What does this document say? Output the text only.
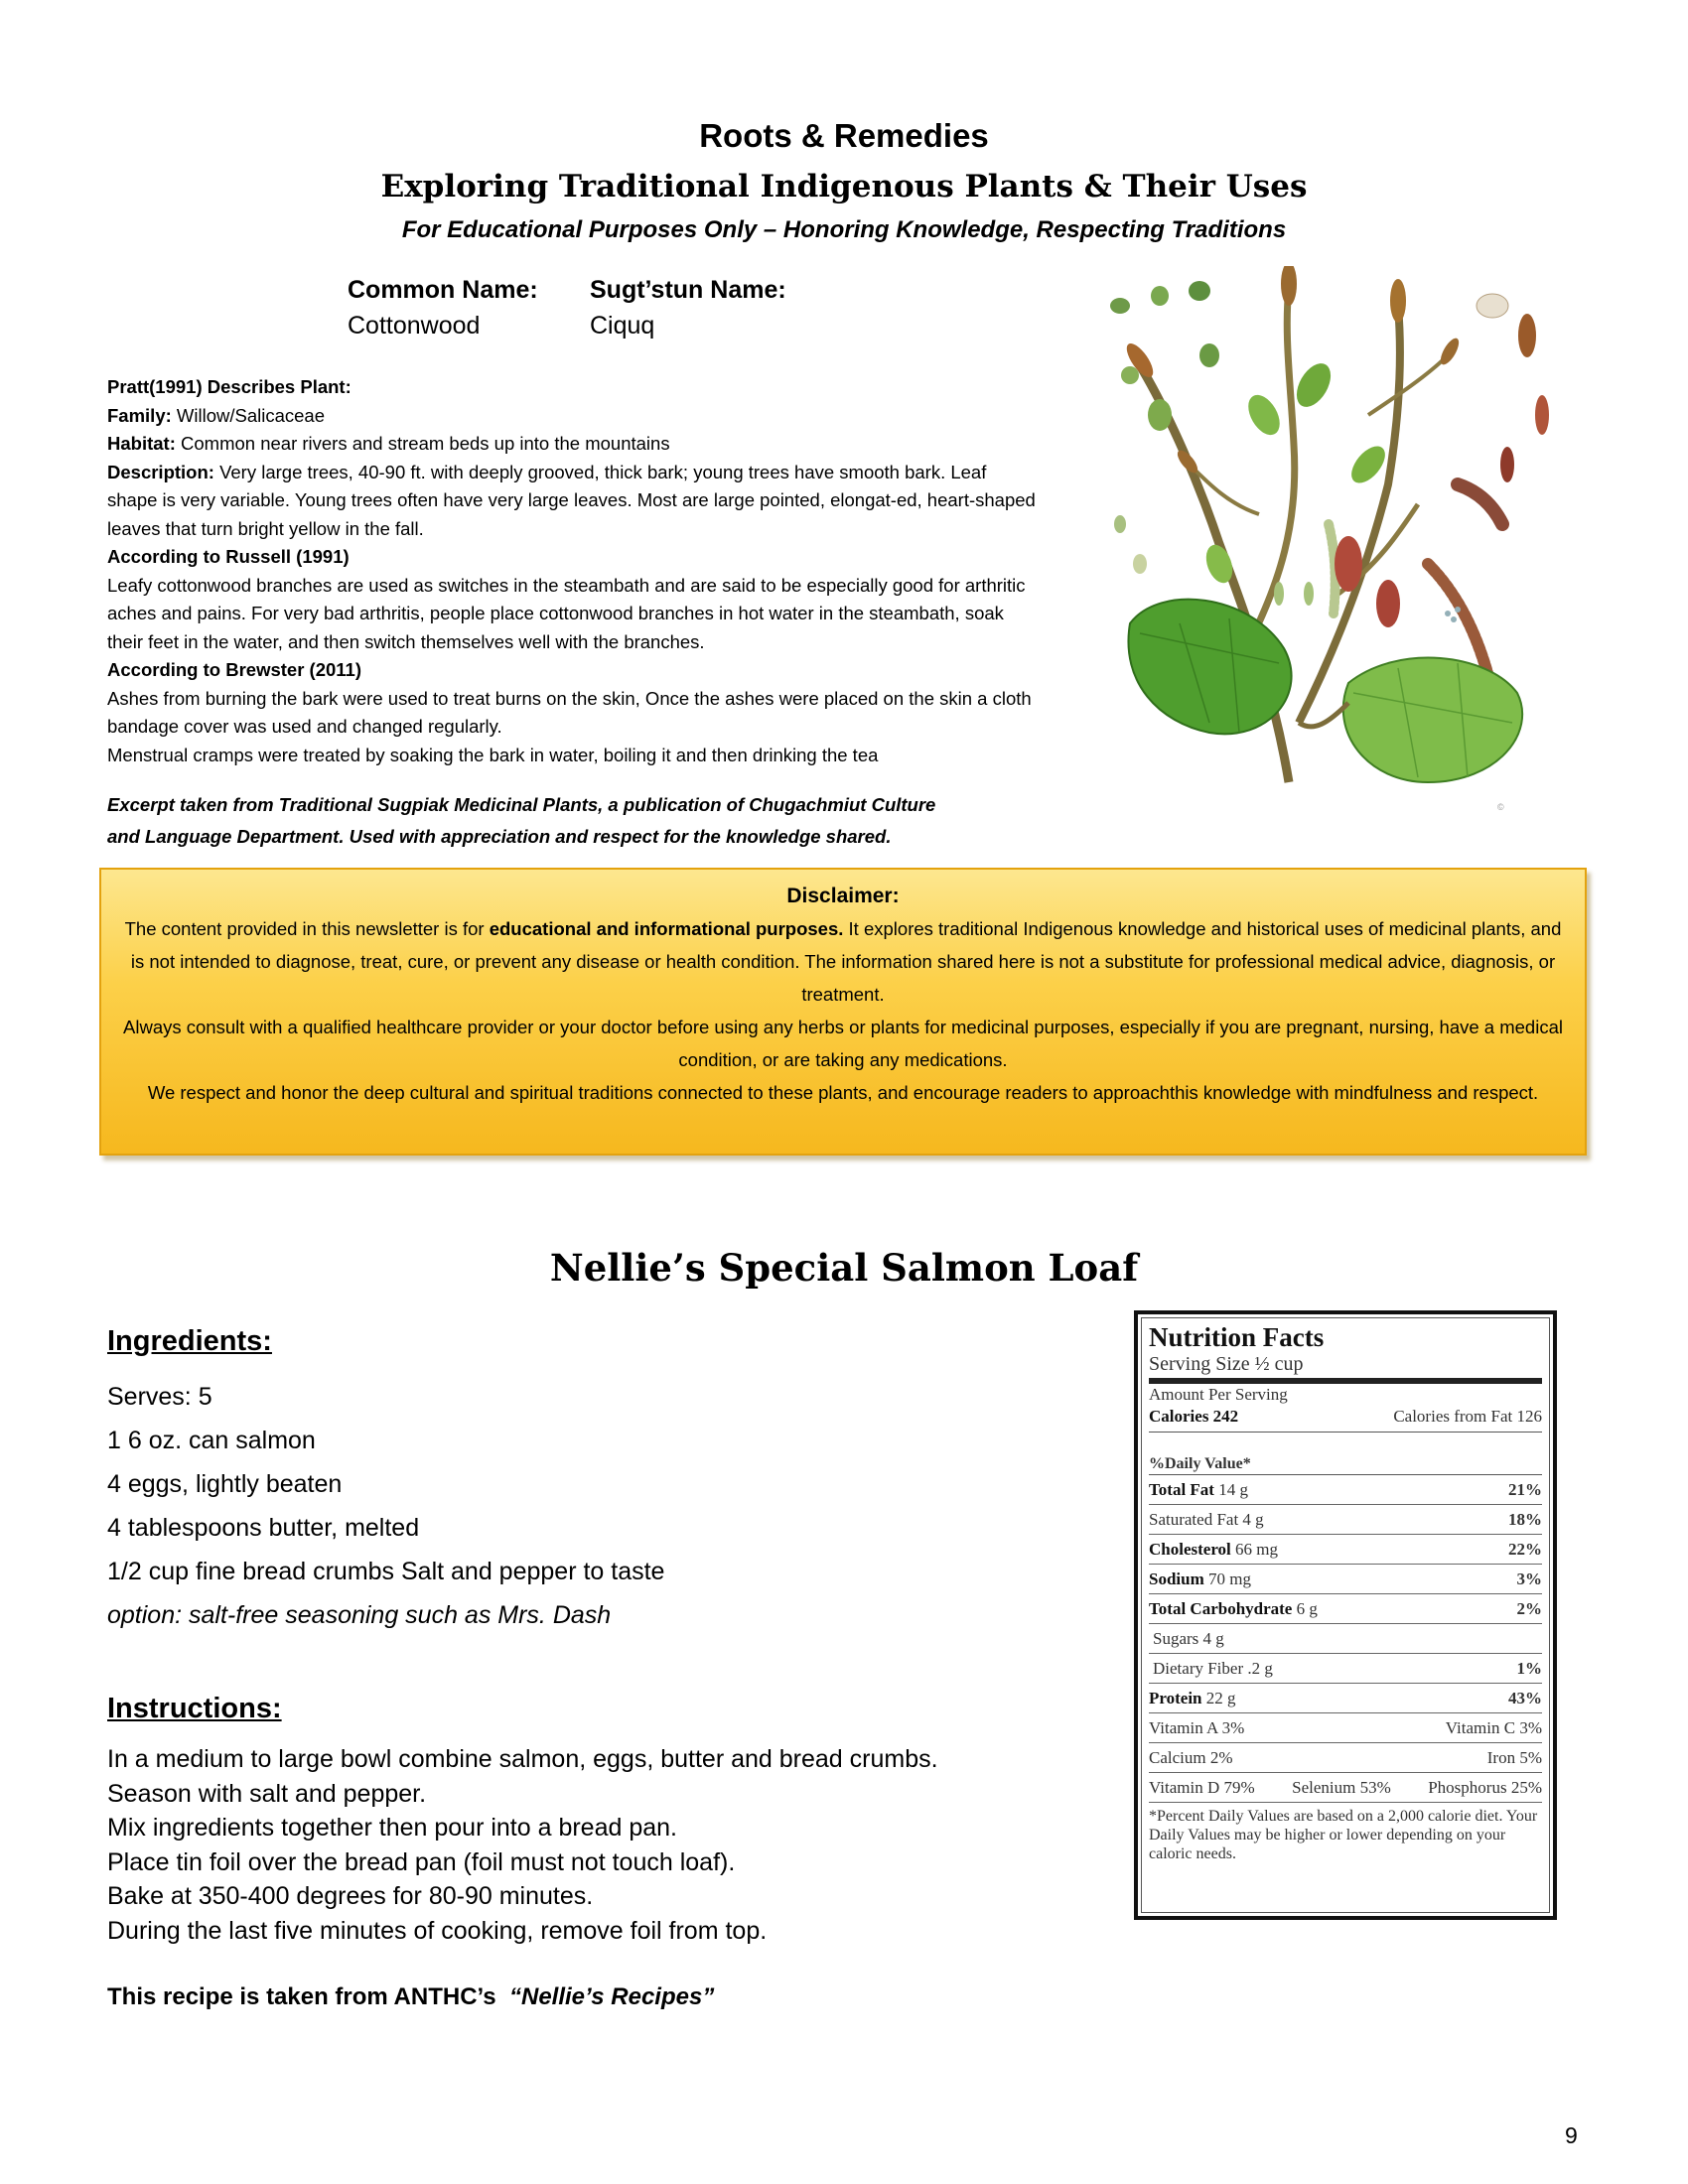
Roots & Remedies
Exploring Traditional Indigenous Plants & Their Uses
For Educational Purposes Only – Honoring Knowledge, Respecting Traditions
Common Name:
Cottonwood
Sugt’stun Name:
Ciquq

Pratt(1991) Describes Plant:

Family: Willow/Salicaceae

Habitat: Common near rivers and stream beds up into the mountains

Description: Very large trees, 40-90 ft. with deeply grooved, thick bark; young trees have smooth bark. Leaf shape is very variable. Young trees often have very large leaves. Most are large pointed, elongat-ed, heart-shaped leaves that turn bright yellow in the fall.

According to Russell (1991)

Leafy cottonwood branches are used as switches in the steambath and are said to be especially good for arthritic aches and pains. For very bad arthritis, people place cottonwood branches in hot water in the steambath, soak their feet in the water, and then switch themselves well with the branches.

According to Brewster (2011)

Ashes from burning the bark were used to treat burns on the skin, Once the ashes were placed on the skin a cloth bandage cover was used and changed regularly.

Menstrual cramps were treated by soaking the bark in water, boiling it and then drinking the tea

Excerpt taken from Traditional Sugpiak Medicinal Plants, a publication of Chugachmiut Culture
and Language Department. Used with appreciation and respect for the knowledge shared.
©

Disclaimer:

The content provided in this newsletter is for educational and informational purposes. It explores traditional Indigenous knowledge and historical uses of medicinal plants, and is not intended to diagnose, treat, cure, or prevent any disease or health condition. The information shared here is not a substitute for professional medical advice, diagnosis, or treatment.

Always consult with a qualified healthcare provider or your doctor before using any herbs or plants for medicinal purposes, especially if you are pregnant, nursing, have a medical condition, or are taking any medications.

We respect and honor the deep cultural and spiritual traditions connected to these plants, and encourage readers to approachthis knowledge with mindfulness and respect.

Nellie’s Special Salmon Loaf
Ingredients:
Serves: 5
1 6 oz. can salmon
4 eggs, lightly beaten
4 tablespoons butter, melted
1/2 cup fine bread crumbs Salt and pepper to taste
option: salt-free seasoning such as Mrs. Dash
Instructions:
In a medium to large bowl combine salmon, eggs, butter and bread crumbs.
Season with salt and pepper.
Mix ingredients together then pour into a bread pan.
Place tin foil over the bread pan (foil must not touch loaf).
Bake at 350-400 degrees for 80-90 minutes.
During the last five minutes of cooking, remove foil from top.
This recipe is taken from ANTHC’s “Nellie’s Recipes”
Nutrition Facts
Serving Size ½ cup
Amount Per Serving
Calories 242	Calories from Fat 126
%Daily Value*
Total Fat 14 g	21%
Saturated Fat 4 g	18%
Cholesterol 66 mg	22%
Sodium 70 mg	3%
Total Carbohydrate 6 g	2%
Sugars 4 g
Dietary Fiber .2 g	1%
Protein 22 g	43%
Vitamin A 3%	Vitamin C 3%
Calcium 2%	Iron 5%
Vitamin D 79% Selenium 53% Phosphorus 25%
*Percent Daily Values are based on a 2,000 calorie diet. Your Daily Values may be higher or lower depending on your caloric needs.
9
